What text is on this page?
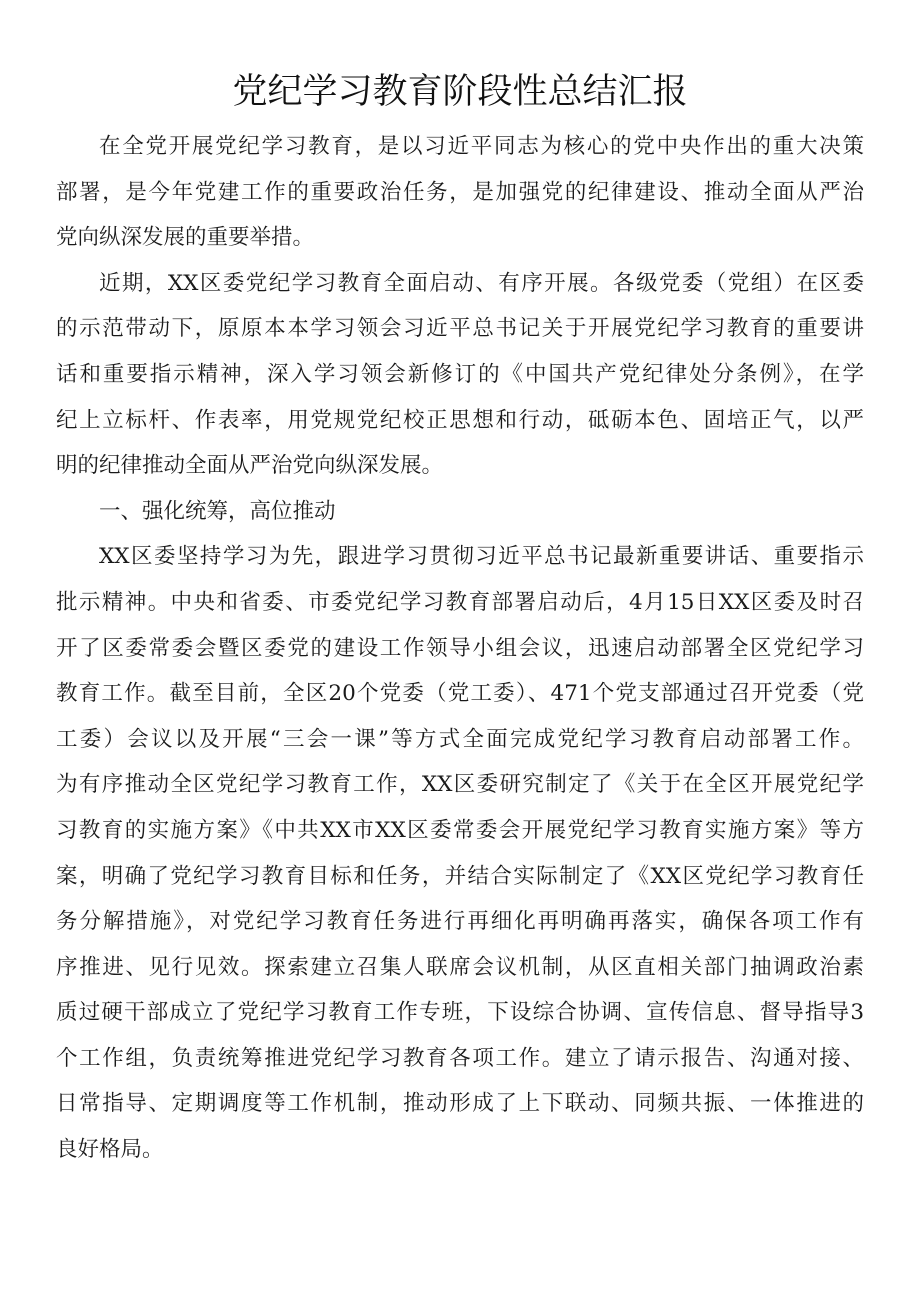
党纪学习教育阶段性总结汇报
在全党开展党纪学习教育，是以习近平同志为核心的党中央作出的重大决策
部署，是今年党建工作的重要政治任务，是加强党的纪律建设、推动全面从严治
党向纵深发展的重要举措。
近期，XX区委党纪学习教育全面启动、有序开展。各级党委（党组）在区委
的示范带动下，原原本本学习领会习近平总书记关于开展党纪学习教育的重要讲
话和重要指示精神，深入学习领会新修订的《中国共产党纪律处分条例》，在学
纪上立标杆、作表率，用党规党纪校正思想和行动，砥砺本色、固培正气，以严
明的纪律推动全面从严治党向纵深发展。
一、强化统筹，高位推动
XX区委坚持学习为先，跟进学习贯彻习近平总书记最新重要讲话、重要指示
批示精神。中央和省委、市委党纪学习教育部署启动后，4月15日XX区委及时召
开了区委常委会暨区委党的建设工作领导小组会议，迅速启动部署全区党纪学习
教育工作。截至目前，全区20个党委（党工委）、471个党支部通过召开党委（党
工委）会议以及开展“三会一课”等方式全面完成党纪学习教育启动部署工作。
为有序推动全区党纪学习教育工作，XX区委研究制定了《关于在全区开展党纪学
习教育的实施方案》《中共XX市XX区委常委会开展党纪学习教育实施方案》等方
案，明确了党纪学习教育目标和任务，并结合实际制定了《XX区党纪学习教育任
务分解措施》，对党纪学习教育任务进行再细化再明确再落实，确保各项工作有
序推进、见行见效。探索建立召集人联席会议机制，从区直相关部门抽调政治素
质过硬干部成立了党纪学习教育工作专班，下设综合协调、宣传信息、督导指导3
个工作组，负责统筹推进党纪学习教育各项工作。建立了请示报告、沟通对接、
日常指导、定期调度等工作机制，推动形成了上下联动、同频共振、一体推进的
良好格局。
